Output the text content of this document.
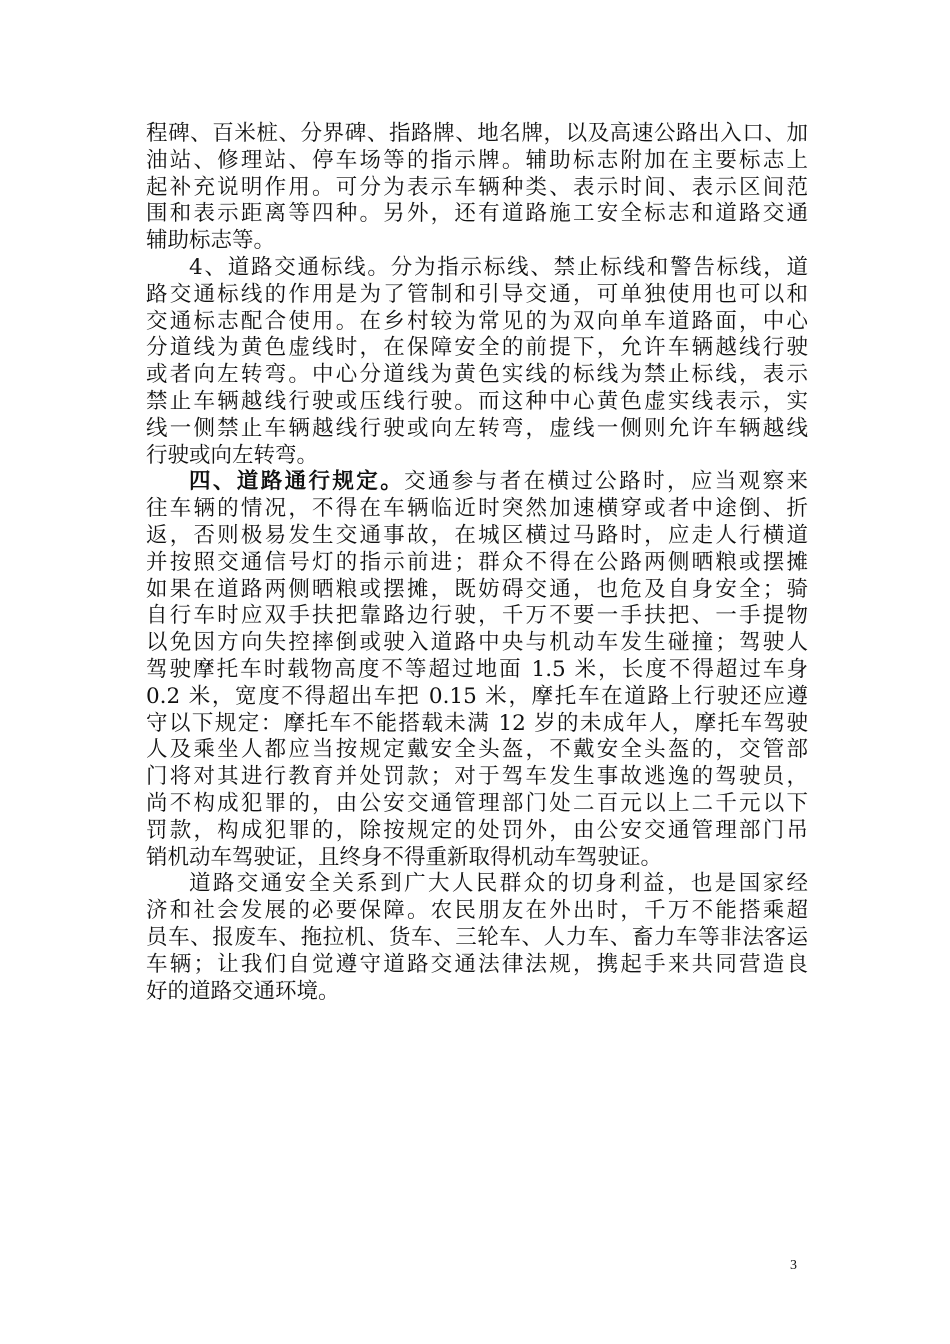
程碑、百米桩、分界碑、指路牌、地名牌，以及高速公路出入口、加
油站、修理站、停车场等的指示牌。辅助标志附加在主要标志上
起补充说明作用。可分为表示车辆种类、表示时间、表示区间范
围和表示距离等四种。另外，还有道路施工安全标志和道路交通
辅助标志等。
4、道路交通标线。分为指示标线、禁止标线和警告标线，道
路交通标线的作用是为了管制和引导交通，可单独使用也可以和
交通标志配合使用。在乡村较为常见的为双向单车道路面，中心
分道线为黄色虚线时，在保障安全的前提下，允许车辆越线行驶
或者向左转弯。中心分道线为黄色实线的标线为禁止标线，表示
禁止车辆越线行驶或压线行驶。而这种中心黄色虚实线表示，实
线一侧禁止车辆越线行驶或向左转弯，虚线一侧则允许车辆越线
行驶或向左转弯。
四、道路通行规定。交通参与者在横过公路时，应当观察来
往车辆的情况，不得在车辆临近时突然加速横穿或者中途倒、折
返，否则极易发生交通事故，在城区横过马路时，应走人行横道
并按照交通信号灯的指示前进；群众不得在公路两侧晒粮或摆摊
如果在道路两侧晒粮或摆摊，既妨碍交通，也危及自身安全；骑
自行车时应双手扶把靠路边行驶，千万不要一手扶把、一手提物
以免因方向失控摔倒或驶入道路中央与机动车发生碰撞；驾驶人
驾驶摩托车时载物高度不等超过地面 1.5 米，长度不得超过车身
0.2 米，宽度不得超出车把 0.15 米，摩托车在道路上行驶还应遵
守以下规定：摩托车不能搭载未满 12 岁的未成年人，摩托车驾驶
人及乘坐人都应当按规定戴安全头盔，不戴安全头盔的，交管部
门将对其进行教育并处罚款；对于驾车发生事故逃逸的驾驶员，
尚不构成犯罪的，由公安交通管理部门处二百元以上二千元以下
罚款，构成犯罪的，除按规定的处罚外，由公安交通管理部门吊
销机动车驾驶证，且终身不得重新取得机动车驾驶证。
道路交通安全关系到广大人民群众的切身利益，也是国家经
济和社会发展的必要保障。农民朋友在外出时，千万不能搭乘超
员车、报废车、拖拉机、货车、三轮车、人力车、畜力车等非法客运
车辆；让我们自觉遵守道路交通法律法规，携起手来共同营造良
好的道路交通环境。
3
